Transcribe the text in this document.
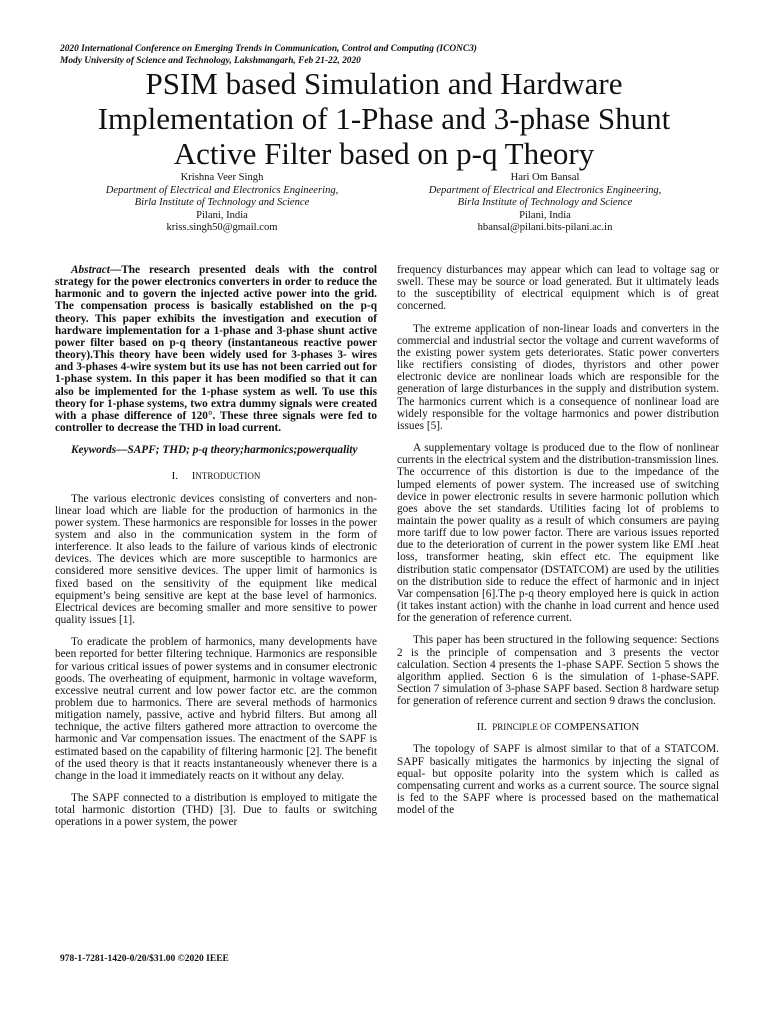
2020 International Conference on Emerging Trends in Communication, Control and Computing (ICONC3)
Mody University of Science and Technology, Lakshmangarh, Feb 21-22, 2020
PSIM based Simulation and Hardware
Implementation of 1-Phase and 3-phase Shunt
Active Filter based on p-q Theory
Krishna Veer Singh
Department of Electrical and Electronics Engineering,
Birla Institute of Technology and Science
Pilani, India
kriss.singh50@gmail.com
Hari Om Bansal
Department of Electrical and Electronics Engineering,
Birla Institute of Technology and Science
Pilani, India
hbansal@pilani.bits-pilani.ac.in

Abstract—The research presented deals with the control strategy for the power electronics converters in order to reduce the harmonic and to govern the injected active power into the grid. The compensation process is basically established on the p-q theory. This paper exhibits the investigation and execution of hardware implementation for a 1-phase and 3-phase shunt active power filter based on p-q theory (instantaneous reactive power theory).This theory have been widely used for 3-phases 3- wires and 3-phases 4-wire system but its use has not been carried out for 1-phase system. In this paper it has been modified so that it can also be implemented for the 1-phase system as well. To use this theory for 1-phase systems, two extra dummy signals were created with a phase difference of 120°. These three signals were fed to controller to decrease the THD in load current.

Keywords—SAPF; THD; p-q theory;harmonics;powerquality

I. INTRODUCTION

The various electronic devices consisting of converters and non-linear load which are liable for the production of harmonics in the power system. These harmonics are responsible for losses in the power system and also in the communication system in the form of interference. It also leads to the failure of various kinds of electronic devices. The devices which are more susceptible to harmonics are considered more sensitive devices. The upper limit of harmonics is fixed based on the sensitivity of the equipment like medical equipment’s being sensitive are kept at the base level of harmonics. Electrical devices are becoming smaller and more sensitive to power quality issues [1].

To eradicate the problem of harmonics, many developments have been reported for better filtering technique. Harmonics are responsible for various critical issues of power systems and in consumer electronic goods. The overheating of equipment, harmonic in voltage waveform, excessive neutral current and low power factor etc. are the common problem due to harmonics. There are several methods of harmonics mitigation namely, passive, active and hybrid filters. But among all technique, the active filters gathered more attraction to overcome the harmonic and Var compensation issues. The enactment of the SAPF is estimated based on the capability of filtering harmonic [2]. The benefit of the used theory is that it reacts instantaneously whenever there is a change in the load it immediately reacts on it without any delay.

The SAPF connected to a distribution is employed to mitigate the total harmonic distortion (THD) [3]. Due to faults or switching operations in a power system, the power

frequency disturbances may appear which can lead to voltage sag or swell. These may be source or load generated. But it ultimately leads to the susceptibility of electrical equipment which is of great concerned.

The extreme application of non-linear loads and converters in the commercial and industrial sector the voltage and current waveforms of the existing power system gets deteriorates. Static power converters like rectifiers consisting of diodes, thyristors and other power electronic device are nonlinear loads which are responsible for the generation of large disturbances in the supply and distribution system. The harmonics current which is a consequence of nonlinear load are widely responsible for the voltage harmonics and power distribution issues [5].

A supplementary voltage is produced due to the flow of nonlinear currents in the electrical system and the distribution-transmission lines. The occurrence of this distortion is due to the impedance of the lumped elements of power system. The increased use of switching device in power electronic results in severe harmonic pollution which goes above the set standards. Utilities facing lot of problems to maintain the power quality as a result of which consumers are paying more tariff due to low power factor. There are various issues reported due to the deterioration of current in the power system like EMI .heat loss, transformer heating, skin effect etc. The equipment like distribution static compensator (DSTATCOM) are used by the utilities on the distribution side to reduce the effect of harmonic and in inject Var compensation [6].The p-q theory employed here is quick in action (it takes instant action) with the chanhe in load current and hence used for the generation of reference current.

This paper has been structured in the following sequence: Sections 2 is the principle of compensation and 3 presents the vector calculation. Section 4 presents the 1-phase SAPF. Section 5 shows the algorithm applied. Section 6 is the simulation of 1-phase-SAPF. Section 7 simulation of 3-phase SAPF based. Section 8 hardware setup for generation of reference current and section 9 draws the conclusion.

II. PRINCIPLE OF COMPENSATION

The topology of SAPF is almost similar to that of a STATCOM. SAPF basically mitigates the harmonics by injecting the signal of equal- but opposite polarity into the system which is called as compensating current and works as a current source. The source signal is fed to the SAPF where is processed based on the mathematical model of the

978-1-7281-1420-0/20/$31.00 ©2020 IEEE
